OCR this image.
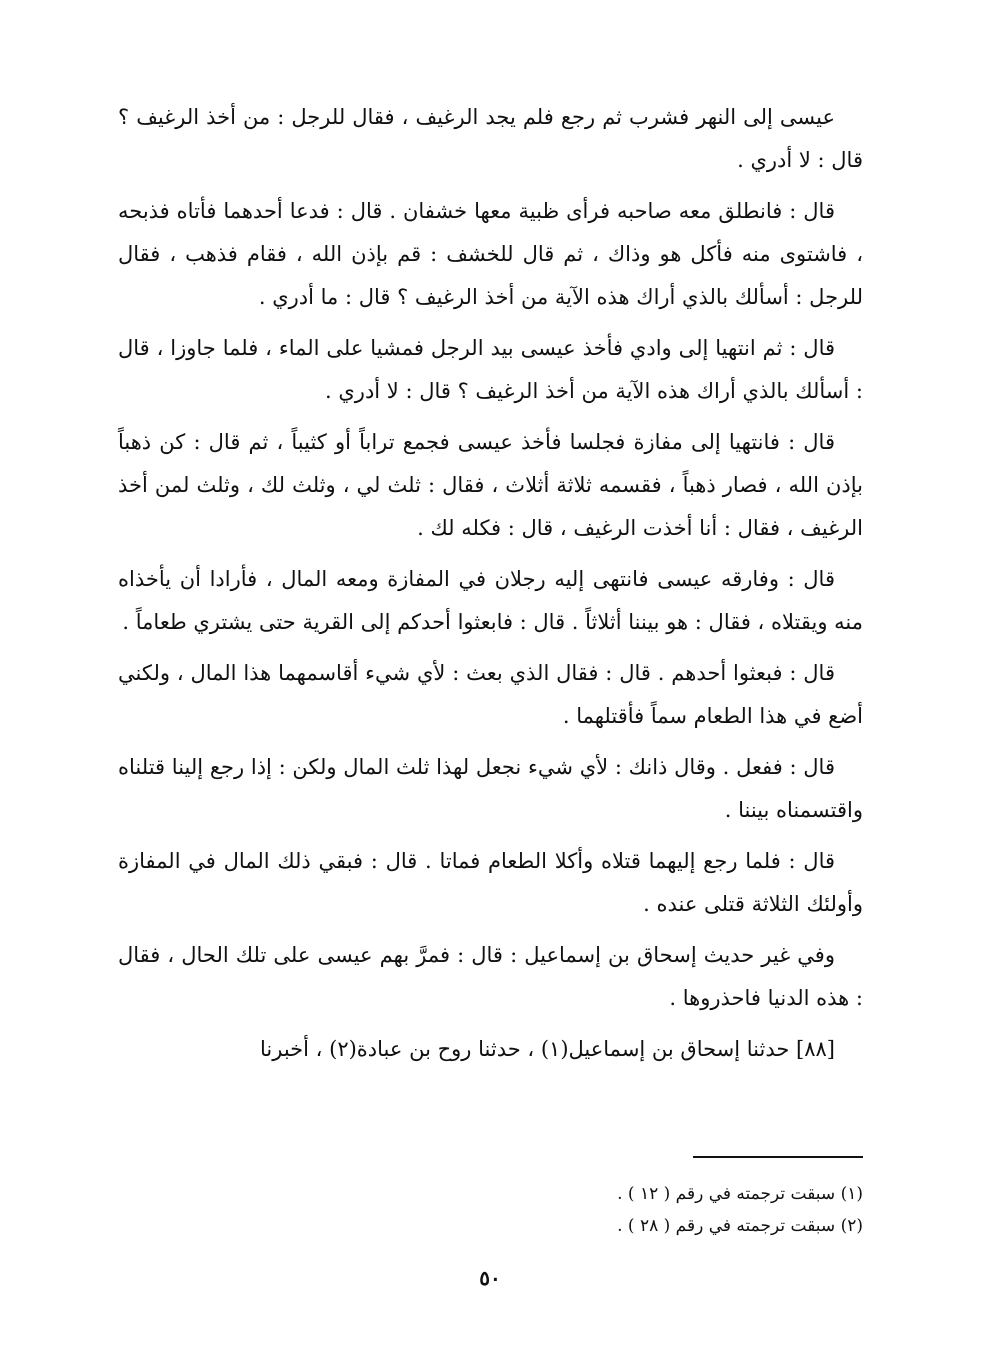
عيسى إلى النهر فشرب ثم رجع فلم يجد الرغيف ، فقال للرجل : من أخذ الرغيف ؟ قال : لا أدري .

قال : فانطلق معه صاحبه فرأى ظبية معها خشفان . قال : فدعا أحدهما فأتاه فذبحه ، فاشتوى منه فأكل هو وذاك ، ثم قال للخشف : قم بإذن الله ، فقام فذهب ، فقال للرجل : أسألك بالذي أراك هذه الآية من أخذ الرغيف ؟ قال : ما أدري .

قال : ثم انتهيا إلى وادي فأخذ عيسى بيد الرجل فمشيا على الماء ، فلما جاوزا ، قال : أسألك بالذي أراك هذه الآية من أخذ الرغيف ؟ قال : لا أدري .

قال : فانتهيا إلى مفازة فجلسا فأخذ عيسى فجمع تراباً أو كثيباً ، ثم قال : كن ذهباً بإذن الله ، فصار ذهباً ، فقسمه ثلاثة أثلاث ، فقال : ثلث لي ، وثلث لك ، وثلث لمن أخذ الرغيف ، فقال : أنا أخذت الرغيف ، قال : فكله لك .

قال : وفارقه عيسى فانتهى إليه رجلان في المفازة ومعه المال ، فأرادا أن يأخذاه منه ويقتلاه ، فقال : هو بيننا أثلاثاً . قال : فابعثوا أحدكم إلى القرية حتى يشتري طعاماً .

قال : فبعثوا أحدهم . قال : فقال الذي بعث : لأي شيء أقاسمهما هذا المال ، ولكني أضع في هذا الطعام سماً فأقتلهما .

قال : ففعل . وقال ذانك : لأي شيء نجعل لهذا ثلث المال ولكن : إذا رجع إلينا قتلناه واقتسمناه بيننا .

قال : فلما رجع إليهما قتلاه وأكلا الطعام فماتا . قال : فبقي ذلك المال في المفازة وأولئك الثلاثة قتلى عنده .

وفي غير حديث إسحاق بن إسماعيل : قال : فمرَّ بهم عيسى على تلك الحال ، فقال : هذه الدنيا فاحذروها .

[٨٨] حدثنا إسحاق بن إسماعيل(١) ، حدثنا روح بن عبادة(٢) ، أخبرنا

(١) سبقت ترجمته في رقم ( ١٢ ) .

(٢) سبقت ترجمته في رقم ( ٢٨ ) .

٥٠
